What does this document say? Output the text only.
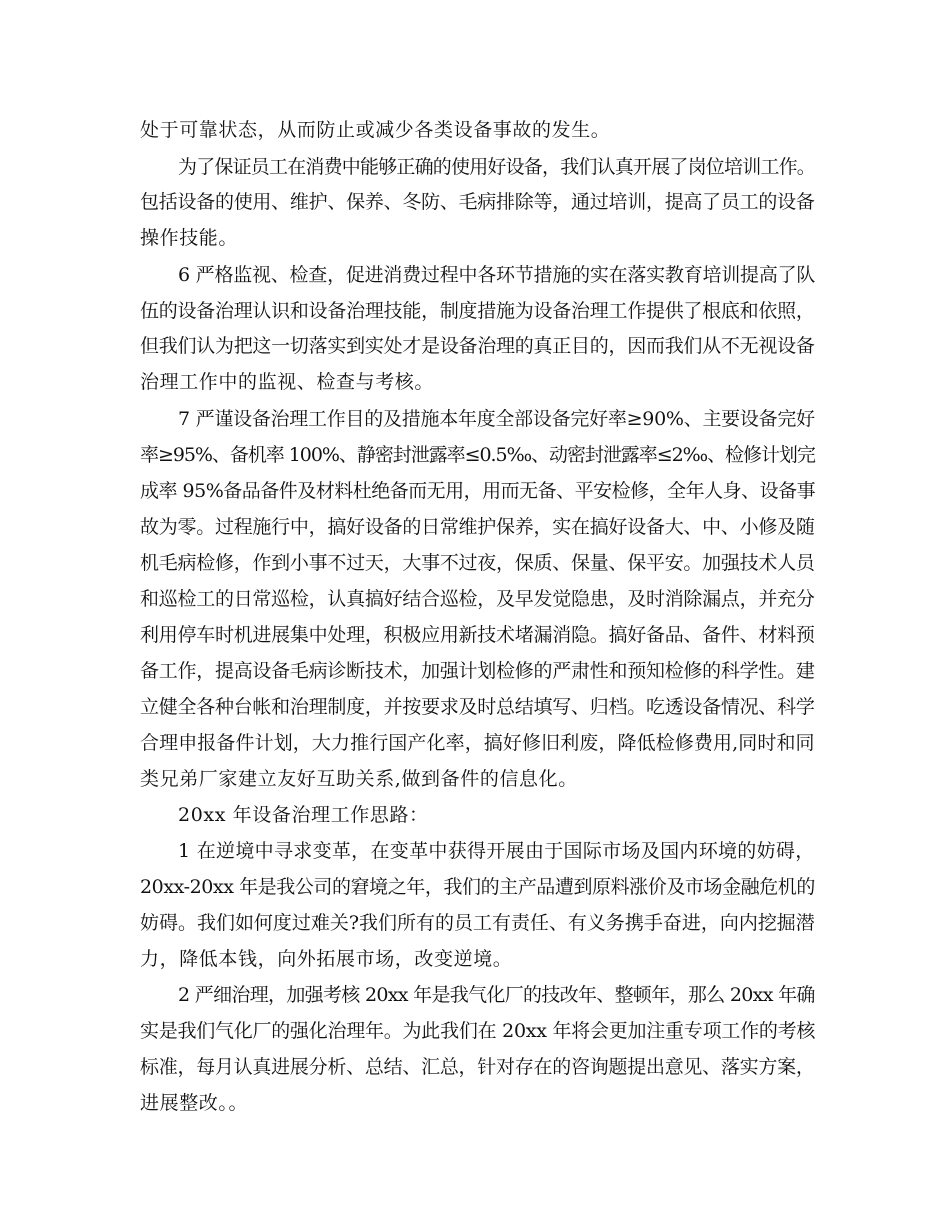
处于可靠状态，从而防止或减少各类设备事故的发生。
为了保证员工在消费中能够正确的使用好设备，我们认真开展了岗位培训工作。
包括设备的使用、维护、保养、冬防、毛病排除等，通过培训，提高了员工的设备
操作技能。
6 严格监视、检查，促进消费过程中各环节措施的实在落实教育培训提高了队
伍的设备治理认识和设备治理技能，制度措施为设备治理工作提供了根底和依照，
但我们认为把这一切落实到实处才是设备治理的真正目的，因而我们从不无视设备
治理工作中的监视、检查与考核。
7 严谨设备治理工作目的及措施本年度全部设备完好率≥90%、主要设备完好
率≥95%、备机率 100%、静密封泄露率≤0.5‰、动密封泄露率≤2‰、检修计划完
成率 95%备品备件及材料杜绝备而无用，用而无备、平安检修，全年人身、设备事
故为零。过程施行中，搞好设备的日常维护保养，实在搞好设备大、中、小修及随
机毛病检修，作到小事不过天，大事不过夜，保质、保量、保平安。加强技术人员
和巡检工的日常巡检，认真搞好结合巡检，及早发觉隐患，及时消除漏点，并充分
利用停车时机进展集中处理，积极应用新技术堵漏消隐。搞好备品、备件、材料预
备工作，提高设备毛病诊断技术，加强计划检修的严肃性和预知检修的科学性。建
立健全各种台帐和治理制度，并按要求及时总结填写、归档。吃透设备情况、科学
合理申报备件计划，大力推行国产化率，搞好修旧利废，降低检修费用,同时和同
类兄弟厂家建立友好互助关系,做到备件的信息化。
20xx 年设备治理工作思路：
1 在逆境中寻求变革，在变革中获得开展由于国际市场及国内环境的妨碍，
20xx-20xx 年是我公司的窘境之年，我们的主产品遭到原料涨价及市场金融危机的
妨碍。我们如何度过难关?我们所有的员工有责任、有义务携手奋进，向内挖掘潜
力，降低本钱，向外拓展市场，改变逆境。
2 严细治理，加强考核 20xx 年是我气化厂的技改年、整顿年，那么 20xx 年确
实是我们气化厂的强化治理年。为此我们在 20xx 年将会更加注重专项工作的考核
标准，每月认真进展分析、总结、汇总，针对存在的咨询题提出意见、落实方案，
进展整改。。
